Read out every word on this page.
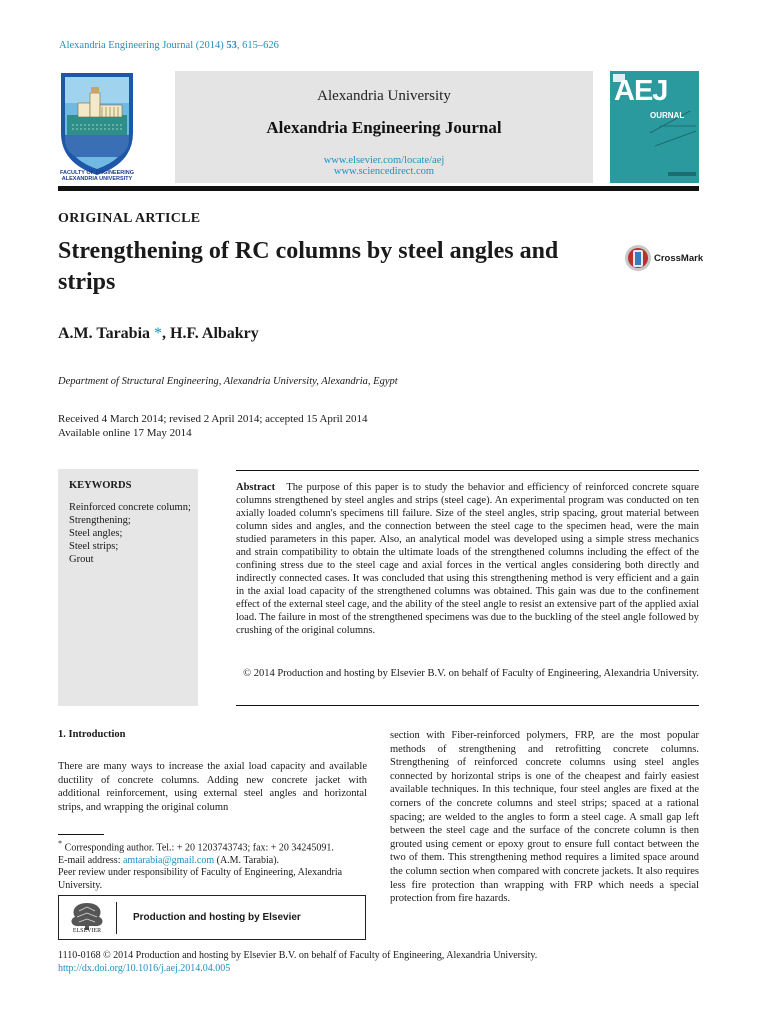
Alexandria Engineering Journal (2014) 53, 615–626
FACULTY OF ENGINEERING
ALEXANDRIA UNIVERSITY
Alexandria University
Alexandria Engineering Journal
www.elsevier.com/locate/aej
www.sciencedirect.com
AEJ
OURNAL
ORIGINAL ARTICLE
Strengthening of RC columns by steel angles and strips
CrossMark
A.M. Tarabia *, H.F. Albakry
Department of Structural Engineering, Alexandria University, Alexandria, Egypt
Received 4 March 2014; revised 2 April 2014; accepted 15 April 2014
Available online 17 May 2014
KEYWORDS
Reinforced concrete column;
Strengthening;
Steel angles;
Steel strips;
Grout
Abstract The purpose of this paper is to study the behavior and efficiency of reinforced concrete square columns strengthened by steel angles and strips (steel cage). An experimental program was conducted on ten axially loaded column's specimens till failure. Size of the steel angles, strip spacing, grout material between column sides and angles, and the connection between the steel cage to the specimen head, were the main studied parameters in this paper. Also, an analytical model was developed using a simple stress mechanics and strain compatibility to obtain the ultimate loads of the strengthened columns including the effect of the confining stress due to the steel cage and axial forces in the vertical angles considering both directly and indirectly connected cases. It was concluded that using this strengthening method is very efficient and a gain in the axial load capacity of the strengthened columns was obtained. This gain was due to the confinement effect of the external steel cage, and the ability of the steel angle to resist an extensive part of the applied axial load. The failure in most of the strengthened specimens was due to the buckling of the steel angle followed by crushing of the original columns.
© 2014 Production and hosting by Elsevier B.V. on behalf of Faculty of Engineering, Alexandria University.
1. Introduction
There are many ways to increase the axial load capacity and available ductility of concrete columns. Adding new concrete jacket with additional reinforcement, using external steel angles and horizontal strips, and wrapping the original column
section with Fiber-reinforced polymers, FRP, are the most popular methods of strengthening and retrofitting concrete columns. Strengthening of reinforced concrete columns using steel angles connected by horizontal strips is one of the cheapest and fairly easiest available techniques. In this technique, four steel angles are fixed at the corners of the concrete columns and steel strips; spaced at a rational spacing; are welded to the angles to form a steel cage. A small gap left between the steel cage and the surface of the concrete column is then grouted using cement or epoxy grout to ensure full contact between the two of them. This strengthening method requires a limited space around the column section when compared with concrete jackets. It also requires less fire protection than wrapping with FRP which needs a special protection from fire hazards.
* Corresponding author. Tel.: + 20 1203743743; fax: + 20 34245091.
E-mail address: amtarabia@gmail.com (A.M. Tarabia).
Peer review under responsibility of Faculty of Engineering, Alexandria University.
ELSEVIER
Production and hosting by Elsevier
1110-0168 © 2014 Production and hosting by Elsevier B.V. on behalf of Faculty of Engineering, Alexandria University.
http://dx.doi.org/10.1016/j.aej.2014.04.005
